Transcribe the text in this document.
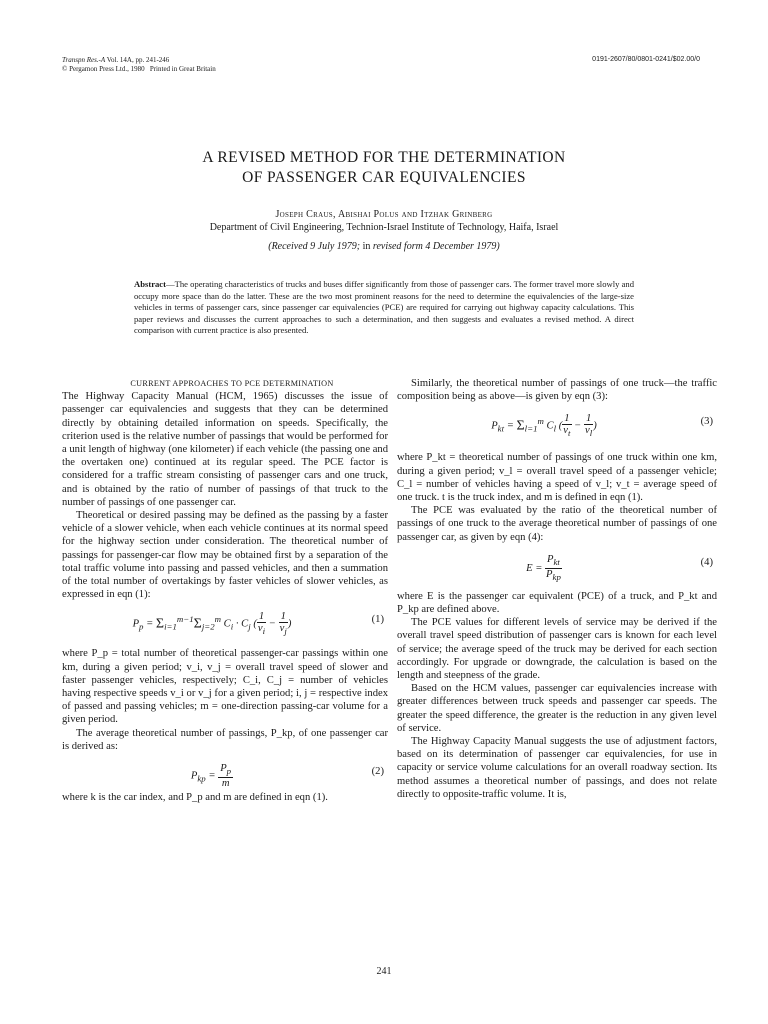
Transpn Res.-A Vol. 14A, pp. 241-246
© Pergamon Press Ltd., 1980 Printed in Great Britain
0191-2607/80/0801-0241/$02.00/0
A REVISED METHOD FOR THE DETERMINATION
OF PASSENGER CAR EQUIVALENCIES
Joseph Craus, Abishai Polus and Itzhak Grinberg
Department of Civil Engineering, Technion-Israel Institute of Technology, Haifa, Israel
(Received 9 July 1979; in revised form 4 December 1979)
Abstract—The operating characteristics of trucks and buses differ significantly from those of passenger cars. The former travel more slowly and occupy more space than do the latter. These are the two most prominent reasons for the need to determine the equivalencies of the large-size vehicles in terms of passenger cars, since passenger car equivalencies (PCE) are required for carrying out highway capacity calculations. This paper reviews and discusses the current approaches to such a determination, and then suggests and evaluates a revised method. A direct comparison with current practice is also presented.

CURRENT APPROACHES TO PCE DETERMINATION

The Highway Capacity Manual (HCM, 1965) discusses the issue of passenger car equivalencies and suggests that they can be determined directly by obtaining detailed information on speeds. Specifically, the criterion used is the relative number of passings that would be performed for a unit length of highway (one kilometer) if each vehicle (the passing one and the overtaken one) continued at its regular speed. The PCE factor is considered for a traffic stream consisting of passenger cars and one truck, and is obtained by the ratio of number of passings of that truck to the number of passings of one passenger car.

Theoretical or desired passing may be defined as the passing by a faster vehicle of a slower vehicle, when each vehicle continues at its normal speed for the highway section under consideration. The theoretical number of passings for passenger-car flow may be obtained first by a separation of the total traffic volume into passing and passed vehicles, and then a summation of the total number of overtakings by faster vehicles of slower vehicles, as expressed in eqn (1):

$P_p = \Sigma_{i=1}^{m-1}\Sigma_{j=2}^m$ $C_i \cdot C_j$ ( $\frac{1}{v_i} - \frac{1}{v_j}$ )	(1)

where P_p = total number of theoretical passenger-car passings within one km, during a given period; v_i, v_j = overall travel speed of slower and faster passenger vehicles, respectively; C_i, C_j = number of vehicles having respective speeds v_i or v_j for a given period; i, j = respective index of passed and passing vehicles; m = one-direction passing-car volume for a given period.

The average theoretical number of passings, P_kp, of one passenger car is derived as:

$P_{kp} = \frac{P_p}{m}$	(2)

where k is the car index, and P_p and m are defined in eqn (1).

Similarly, the theoretical number of passings of one truck—the traffic composition being as above—is given by eqn (3):

$P_{kt} = \Sigma_{l=1}^m$ $C_l$ ( $\frac{1}{v_t} - \frac{1}{v_l}$ )	(3)

where P_kt = theoretical number of passings of one truck within one km, during a given period; v_l = overall travel speed of a passenger vehicle; C_l = number of vehicles having a speed of v_l; v_t = average speed of one truck. t is the truck index, and m is defined in eqn (1).

The PCE was evaluated by the ratio of the theoretical number of passings of one truck to the average theoretical number of passings of one passenger car, as given by eqn (4):

$E = \frac{P_{kt}}{P_{kp}}$	(4)

where E is the passenger car equivalent (PCE) of a truck, and P_kt and P_kp are defined above.

The PCE values for different levels of service may be derived if the overall travel speed distribution of passenger cars is known for each level of service; the average speed of the truck may be derived for each section accordingly. For upgrade or downgrade, the calculation is based on the length and steepness of the grade.

Based on the HCM values, passenger car equivalencies increase with greater differences between truck speeds and passenger car speeds. The greater the speed difference, the greater is the reduction in any given level of service.

The Highway Capacity Manual suggests the use of adjustment factors, based on its determination of passenger car equivalencies, for use in capacity or service volume calculations for an overall roadway section. Its method assumes a theoretical number of passings, and does not relate directly to opposite-traffic volume. It is,

241
